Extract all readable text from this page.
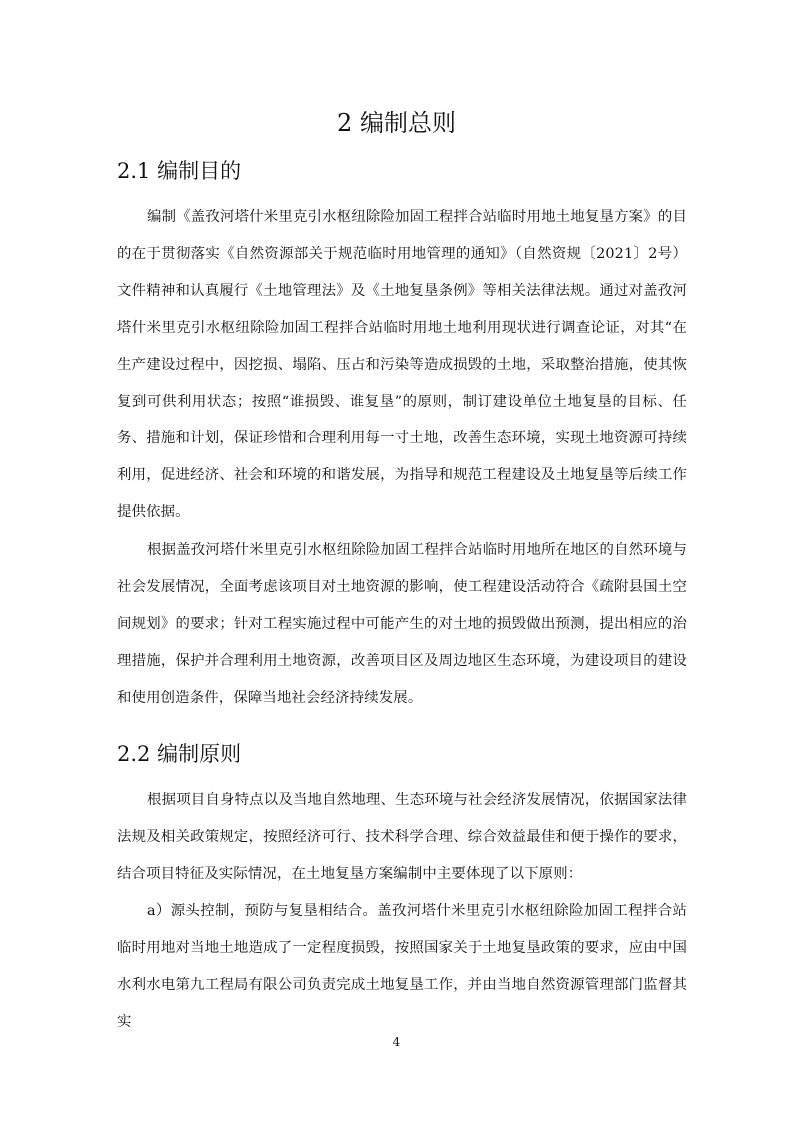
2 编制总则
2.1 编制目的

编制《盖孜河塔什米里克引水枢纽除险加固工程拌合站临时用地土地复垦方案》的目的在于贯彻落实《自然资源部关于规范临时用地管理的通知》（自然资规〔2021〕2号）文件精神和认真履行《土地管理法》及《土地复垦条例》等相关法律法规。通过对盖孜河塔什米里克引水枢纽除险加固工程拌合站临时用地土地利用现状进行调查论证，对其“在生产建设过程中，因挖损、塌陷、压占和污染等造成损毁的土地，采取整治措施，使其恢复到可供利用状态；按照“谁损毁、谁复垦”的原则，制订建设单位土地复垦的目标、任务、措施和计划，保证珍惜和合理利用每一寸土地，改善生态环境，实现土地资源可持续利用，促进经济、社会和环境的和谐发展，为指导和规范工程建设及土地复垦等后续工作提供依据。

根据盖孜河塔什米里克引水枢纽除险加固工程拌合站临时用地所在地区的自然环境与社会发展情况，全面考虑该项目对土地资源的影响，使工程建设活动符合《疏附县国土空间规划》的要求；针对工程实施过程中可能产生的对土地的损毁做出预测，提出相应的治理措施，保护并合理利用土地资源，改善项目区及周边地区生态环境，为建设项目的建设和使用创造条件，保障当地社会经济持续发展。

2.2 编制原则

根据项目自身特点以及当地自然地理、生态环境与社会经济发展情况，依据国家法律法规及相关政策规定，按照经济可行、技术科学合理、综合效益最佳和便于操作的要求，结合项目特征及实际情况，在土地复垦方案编制中主要体现了以下原则：

a）源头控制，预防与复垦相结合。盖孜河塔什米里克引水枢纽除险加固工程拌合站临时用地对当地土地造成了一定程度损毁，按照国家关于土地复垦政策的要求，应由中国水利水电第九工程局有限公司负责完成土地复垦工作，并由当地自然资源管理部门监督其实

4
